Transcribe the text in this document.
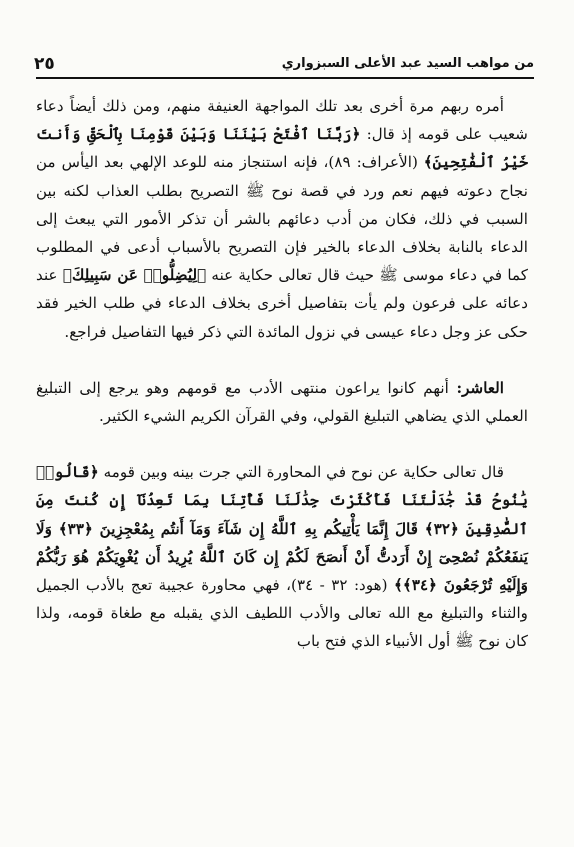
٢٥	من مواهب السيد عبد الأعلى السبزواري

أمره ربهم مرة أخرى بعد تلك المواجهة العنيفة منهم، ومن ذلك أيضاً دعاء شعيب على قومه إذ قال: ﴿رَبَّنَا ٱفْتَحْ بَيْنَنَا وَبَيْنَ قَوْمِنَا بِٱلْحَقِّ وَأَنتَ خَيْرُ ٱلْفَٰتِحِينَ﴾ (الأعراف: ٨٩)، فإنه استنجاز منه للوعد الإلهي بعد اليأس من نجاح دعوته فيهم نعم ورد في قصة نوح ﷺ التصريح بطلب العذاب لكنه بين السبب في ذلك، فكان من أدب دعائهم بالشر أن تذكر الأمور التي يبعث إلى الدعاء بالنابة بخلاف الدعاء بالخير فإن التصريح بالأسباب أدعى في المطلوب كما في دعاء موسى ﷺ حيث قال تعالى حكاية عنه ﴿لِيُضِلُّوا۟ عَن سَبِيلِكَ﴾ عند دعائه على فرعون ولم يأت بتفاصيل أخرى بخلاف الدعاء في طلب الخير فقد حكى عز وجل دعاء عيسى في نزول المائدة التي ذكر فيها التفاصيل فراجع.

العاشر: أنهم كانوا يراعون منتهى الأدب مع قومهم وهو يرجع إلى التبليغ العملي الذي يضاهي التبليغ القولي، وفي القرآن الكريم الشيء الكثير.

قال تعالى حكاية عن نوح في المحاورة التي جرت بينه وبين قومه ﴿قَالُوا۟ يَٰنُوحُ قَدْ جَٰدَلْتَنَا فَأَكْثَرْتَ جِدَٰلَنَا فَأْتِنَا بِمَا تَعِدُنَآ إِن كُنتَ مِنَ ٱلصَّٰدِقِينَ ﴿٣٢﴾ قَالَ إِنَّمَا يَأْتِيكُم بِهِ ٱللَّهُ إِن شَآءَ وَمَآ أَنتُم بِمُعْجِزِينَ ﴿٣٣﴾ وَلَا يَنفَعُكُمْ نُصْحِىٓ إِنْ أَرَدتُّ أَنْ أَنصَحَ لَكُمْ إِن كَانَ ٱللَّهُ يُرِيدُ أَن يُغْوِيَكُمْ هُوَ رَبُّكُمْ وَإِلَيْهِ تُرْجَعُونَ ﴿٣٤﴾﴾ (هود: ٣٢ - ٣٤)، فهي محاورة عجيبة تعج بالأدب الجميل والثناء والتبليغ مع الله تعالى والأدب اللطيف الذي يقبله مع طغاة قومه، ولذا كان نوح ﷺ أول الأنبياء الذي فتح باب
